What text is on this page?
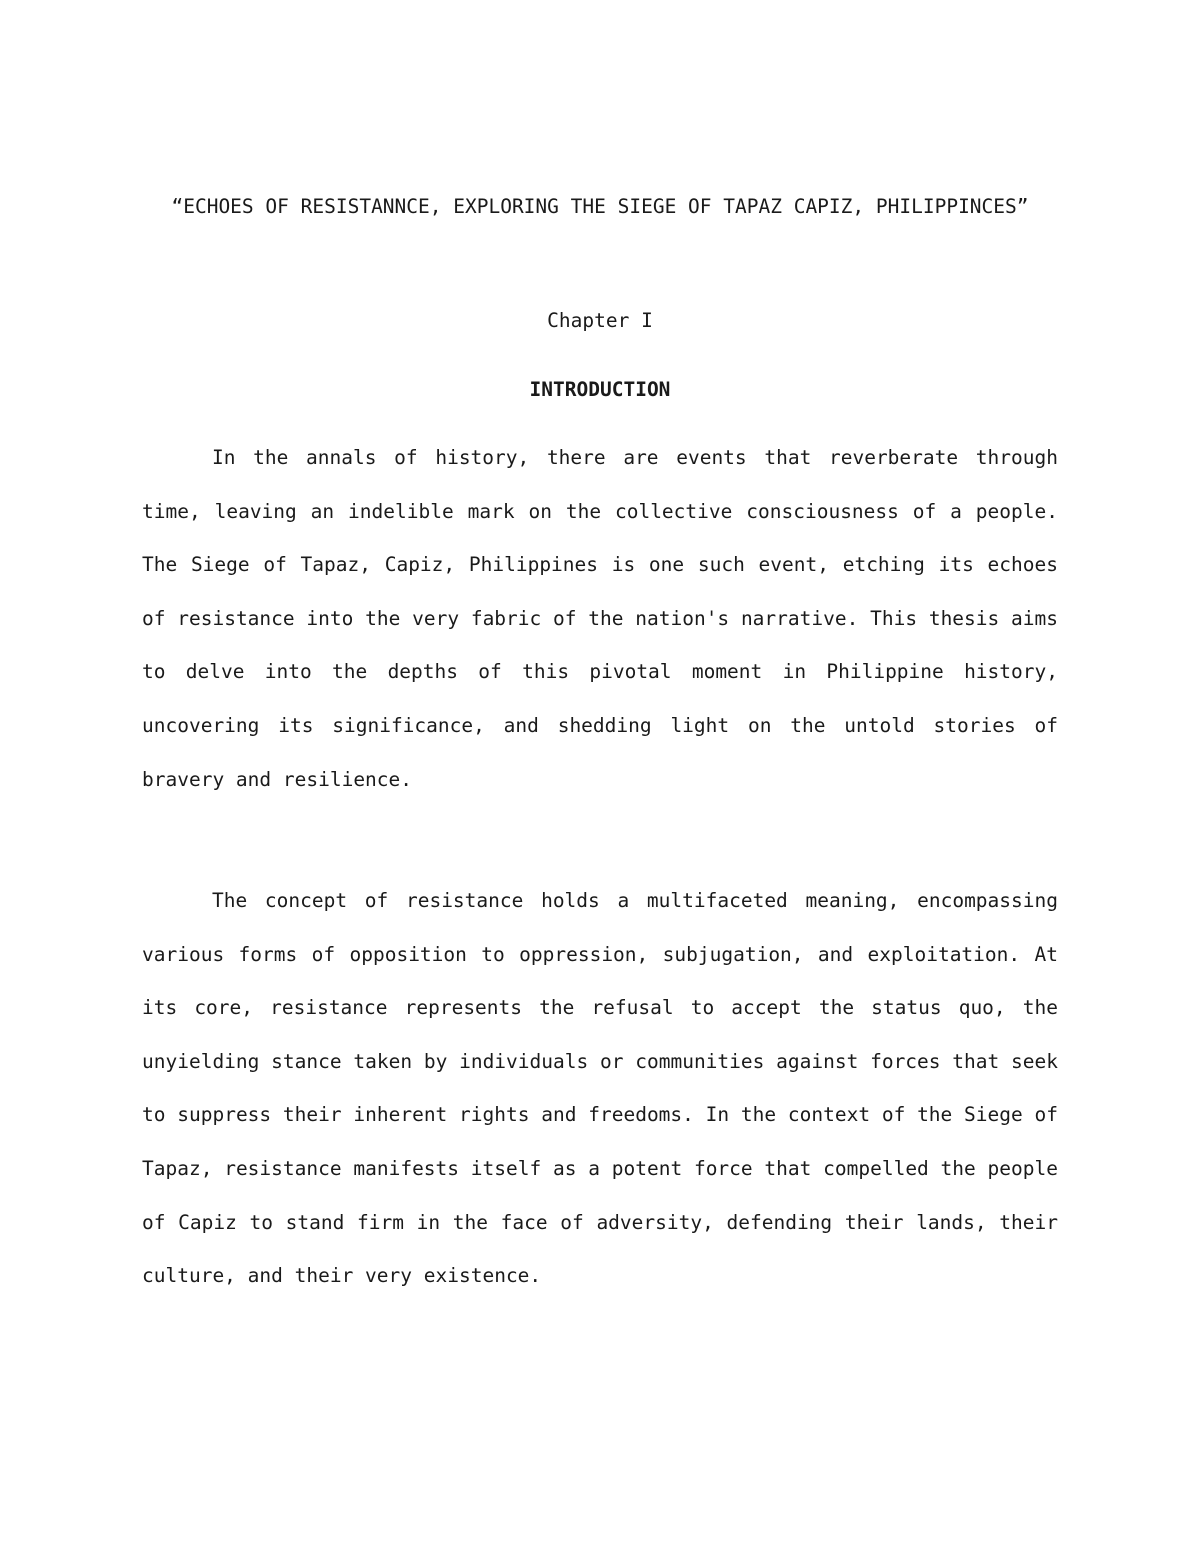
“ECHOES OF RESISTANNCE, EXPLORING THE SIEGE OF TAPAZ CAPIZ, PHILIPPINCES”
Chapter I
INTRODUCTION

In the annals of history, there are events that reverberate through time, leaving an indelible mark on the collective consciousness of a people. The Siege of Tapaz, Capiz, Philippines is one such event, etching its echoes of resistance into the very fabric of the nation's narrative. This thesis aims to delve into the depths of this pivotal moment in Philippine history, uncovering its significance, and shedding light on the untold stories of bravery and resilience.

The concept of resistance holds a multifaceted meaning, encompassing various forms of opposition to oppression, subjugation, and exploitation. At its core, resistance represents the refusal to accept the status quo, the unyielding stance taken by individuals or communities against forces that seek to suppress their inherent rights and freedoms. In the context of the Siege of Tapaz, resistance manifests itself as a potent force that compelled the people of Capiz to stand firm in the face of adversity, defending their lands, their culture, and their very existence.
